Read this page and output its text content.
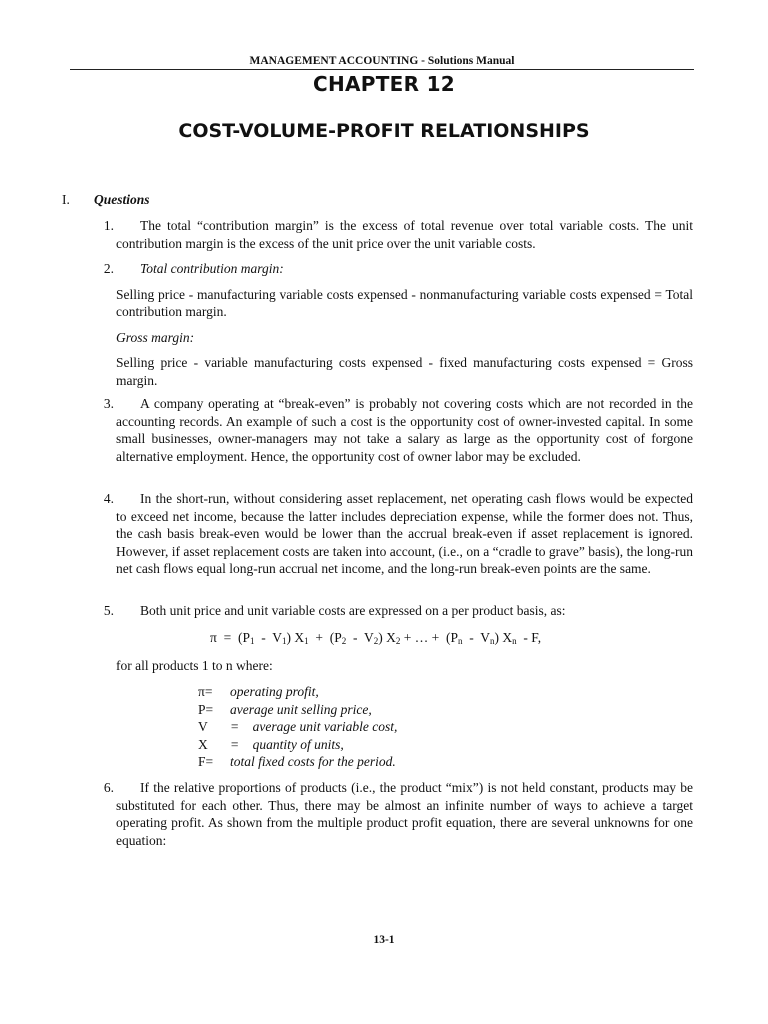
MANAGEMENT ACCOUNTING - Solutions Manual
CHAPTER 12
COST-VOLUME-PROFIT RELATIONSHIPS
I. Questions
1.	The total “contribution margin” is the excess of total revenue over total variable costs. The unit contribution margin is the excess of the unit price over the unit variable costs.

2.	Total contribution margin:

Selling price - manufacturing variable costs expensed - nonmanufacturing variable costs expensed = Total contribution margin.

Gross margin:

Selling price - variable manufacturing costs expensed - fixed manufacturing costs expensed = Gross margin.

3.	A company operating at “break-even” is probably not covering costs which are not recorded in the accounting records. An example of such a cost is the opportunity cost of owner-invested capital. In some small businesses, owner-managers may not take a salary as large as the opportunity cost of forgone alternative employment. Hence, the opportunity cost of owner labor may be excluded.

4.	In the short-run, without considering asset replacement, net operating cash flows would be expected to exceed net income, because the latter includes depreciation expense, while the former does not. Thus, the cash basis break-even would be lower than the accrual break-even if asset replacement is ignored. However, if asset replacement costs are taken into account, (i.e., on a “cradle to grave” basis), the long-run net cash flows equal long-run accrual net income, and the long-run break-even points are the same.

5.	Both unit price and unit variable costs are expressed on a per product basis, as:

$\pi = (P_1 - V_1) X_1 + (P_2 - V_2) X_2$ + … +  $(P_n - V_n)$ $X_n$ - F,

for all products 1 to n where:

π=	operating profit,
P=	average unit selling price,
V	=    average unit variable cost,
X	=    quantity of units,
F=	total fixed costs for the period.
6.	If the relative proportions of products (i.e., the product “mix”) is not held constant, products may be substituted for each other. Thus, there may be almost an infinite number of ways to achieve a target operating profit. As shown from the multiple product profit equation, there are several unknowns for one equation:

13-1
